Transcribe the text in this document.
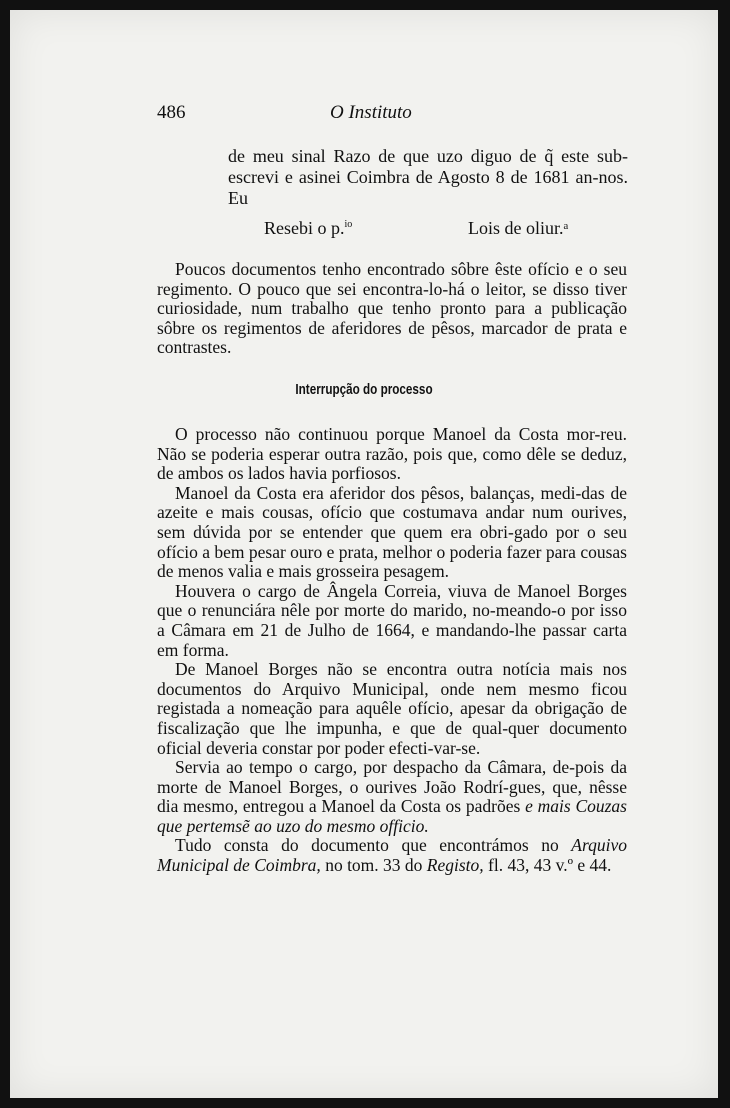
486	O Instituto
de meu sinal Razo de que uzo diguo de q̃ este sub-escrevi e asinei Coimbra de Agosto 8 de 1681 an-nos. Eu
Resebi o p.$^{io}$	Lois de oliur.ᵃ

Poucos documentos tenho encontrado sôbre êste ofício e o seu regimento. O pouco que sei encontra-lo-há o leitor, se disso tiver curiosidade, num trabalho que tenho pronto para a publicação sôbre os regimentos de aferidores de pêsos, marcador de prata e contrastes.

Interrupção do processo

O processo não continuou porque Manoel da Costa mor-reu. Não se poderia esperar outra razão, pois que, como dêle se deduz, de ambos os lados havia porfiosos.

Manoel da Costa era aferidor dos pêsos, balanças, medi-das de azeite e mais cousas, ofício que costumava andar num ourives, sem dúvida por se entender que quem era obri-gado por o seu ofício a bem pesar ouro e prata, melhor o poderia fazer para cousas de menos valia e mais grosseira pesagem.

Houvera o cargo de Ângela Correia, viuva de Manoel Borges que o renunciára nêle por morte do marido, no-meando-o por isso a Câmara em 21 de Julho de 1664, e mandando-lhe passar carta em forma.

De Manoel Borges não se encontra outra notícia mais nos documentos do Arquivo Municipal, onde nem mesmo ficou registada a nomeação para aquêle ofício, apesar da obrigação de fiscalização que lhe impunha, e que de qual-quer documento oficial deveria constar por poder efecti-var-se.

Servia ao tempo o cargo, por despacho da Câmara, de-pois da morte de Manoel Borges, o ourives João Rodrí-gues, que, nêsse dia mesmo, entregou a Manoel da Costa os padrões e mais Couzas que pertemsẽ ao uzo do mesmo officio.

Tudo consta do documento que encontrámos no Arquivo Municipal de Coimbra, no tom. 33 do Registo, fl. 43, 43 v.º e 44.
